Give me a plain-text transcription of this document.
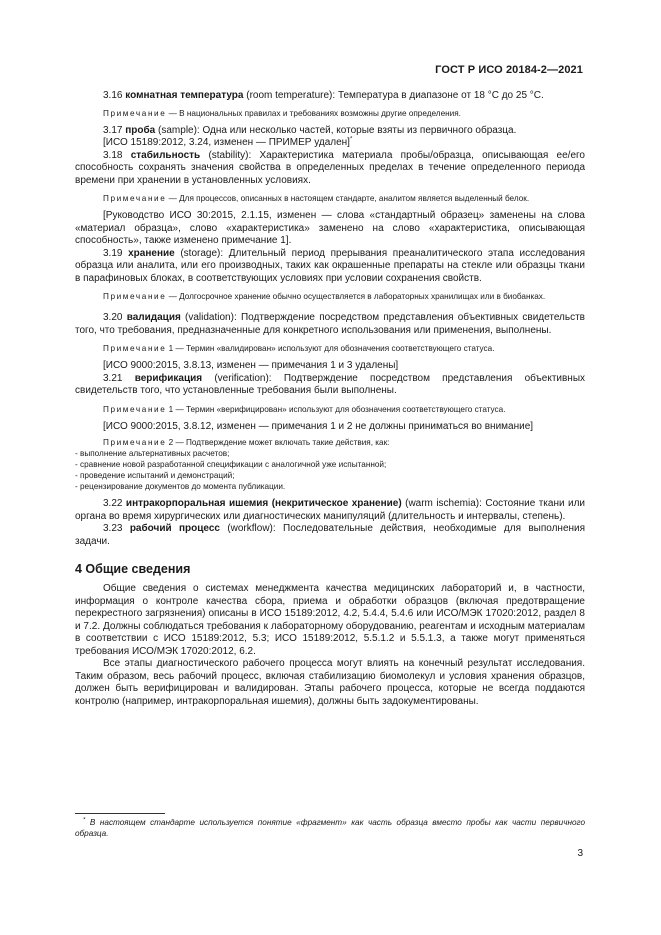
ГОСТ Р ИСО 20184-2—2021

3.16 комнатная температура (room temperature): Температура в диапазоне от 18 °С до 25 °С.

Примечание — В национальных правилах и требованиях возможны другие определения.

3.17 проба (sample): Одна или несколько частей, которые взяты из первичного образца.

[ИСО 15189:2012, 3.24, изменен — ПРИМЕР удален]*

3.18 стабильность (stability): Характеристика материала пробы/образца, описывающая ее/его способность сохранять значения свойства в определенных пределах в течение определенного периода времени при хранении в установленных условиях.

Примечание — Для процессов, описанных в настоящем стандарте, аналитом является выделенный белок.

[Руководство ИСО 30:2015, 2.1.15, изменен — слова «стандартный образец» заменены на слова «материал образца», слово «характеристика» заменено на слово «характеристика, описывающая способность», также изменено примечание 1].

3.19 хранение (storage): Длительный период прерывания преаналитического этапа исследования образца или аналита, или его производных, таких как окрашенные препараты на стекле или образцы ткани в парафиновых блоках, в соответствующих условиях при условии сохранения свойств.

Примечание — Долгосрочное хранение обычно осуществляется в лабораторных хранилищах или в биобанках.

3.20 валидация (validation): Подтверждение посредством представления объективных свидетельств того, что требования, предназначенные для конкретного использования или применения, выполнены.

Примечание 1 — Термин «валидирован» используют для обозначения соответствующего статуса.

[ИСО 9000:2015, 3.8.13, изменен — примечания 1 и 3 удалены]

3.21 верификация (verification): Подтверждение посредством представления объективных свидетельств того, что установленные требования были выполнены.

Примечание 1 — Термин «верифицирован» используют для обозначения соответствующего статуса.

[ИСО 9000:2015, 3.8.12, изменен — примечания 1 и 2 не должны приниматься во внимание]

Примечание 2 — Подтверждение может включать такие действия, как:

- выполнение альтернативных расчетов;

- сравнение новой разработанной спецификации с аналогичной уже испытанной;

- проведение испытаний и демонстраций;

- рецензирование документов до момента публикации.

3.22 интракорпоральная ишемия (некритическое хранение) (warm ischemia): Состояние ткани или органа во время хирургических или диагностических манипуляций (длительность и интервалы, степень).

3.23 рабочий процесс (workflow): Последовательные действия, необходимые для выполнения задачи.

4 Общие сведения

Общие сведения о системах менеджмента качества медицинских лабораторий и, в частности, информация о контроле качества сбора, приема и обработки образцов (включая предотвращение перекрестного загрязнения) описаны в ИСО 15189:2012, 4.2, 5.4.4, 5.4.6 или ИСО/МЭК 17020:2012, раздел 8 и 7.2. Должны соблюдаться требования к лабораторному оборудованию, реагентам и исходным материалам в соответствии с ИСО 15189:2012, 5.3; ИСО 15189:2012, 5.5.1.2 и 5.5.1.3, а также могут применяться требования ИСО/МЭК 17020:2012, 6.2.

Все этапы диагностического рабочего процесса могут влиять на конечный результат исследования. Таким образом, весь рабочий процесс, включая стабилизацию биомолекул и условия хранения образцов, должен быть верифицирован и валидирован. Этапы рабочего процесса, которые не всегда поддаются контролю (например, интракорпоральная ишемия), должны быть задокументированы.

* В настоящем стандарте используется понятие «фрагмент» как часть образца вместо пробы как части первичного образца.

3
